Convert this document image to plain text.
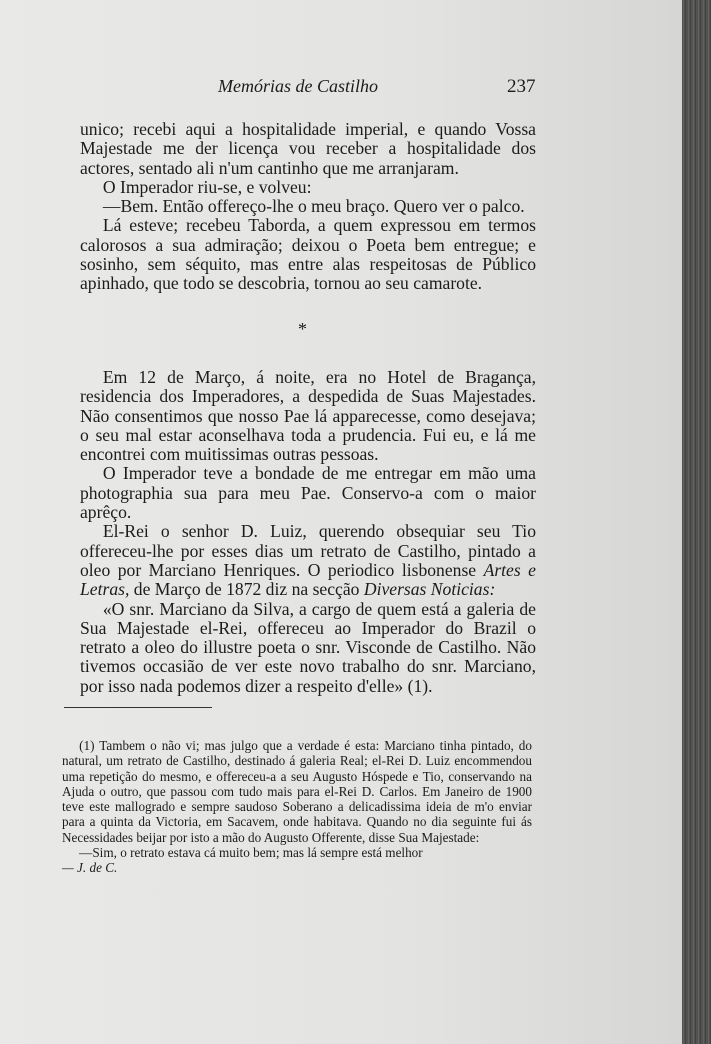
Memórias de Castilho	237

unico; recebi aqui a hospitalidade imperial, e quando Vossa Majestade me der licença vou receber a hospitalidade dos actores, sentado ali n'um cantinho que me arranjaram.

O Imperador riu-se, e volveu:

—Bem. Então offereço-lhe o meu braço. Quero ver o palco.

Lá esteve; recebeu Taborda, a quem expressou em termos calorosos a sua admiração; deixou o Poeta bem entregue; e sosinho, sem séquito, mas entre alas respeitosas de Público apinhado, que todo se descobria, tornou ao seu camarote.

*

Em 12 de Março, á noite, era no Hotel de Bragança, residencia dos Imperadores, a despedida de Suas Majestades. Não consentimos que nosso Pae lá apparecesse, como desejava; o seu mal estar aconselhava toda a prudencia. Fui eu, e lá me encontrei com muitissimas outras pessoas.

O Imperador teve a bondade de me entregar em mão uma photographia sua para meu Pae. Conservo-a com o maior aprêço.

El-Rei o senhor D. Luiz, querendo obsequiar seu Tio offereceu-lhe por esses dias um retrato de Castilho, pintado a oleo por Marciano Henriques. O periodico lisbonense Artes e Letras, de Março de 1872 diz na secção Diversas Noticias:

«O snr. Marciano da Silva, a cargo de quem está a galeria de Sua Majestade el-Rei, offereceu ao Imperador do Brazil o retrato a oleo do illustre poeta o snr. Visconde de Castilho. Não tivemos occasião de ver este novo trabalho do snr. Marciano, por isso nada podemos dizer a respeito d'elle» (1).

(1) Tambem o não vi; mas julgo que a verdade é esta: Marciano tinha pintado, do natural, um retrato de Castilho, destinado á galeria Real; el-Rei D. Luiz encommendou uma repetição do mesmo, e offereceu-a a seu Augusto Hóspede e Tio, conservando na Ajuda o outro, que passou com tudo mais para el-Rei D. Carlos. Em Janeiro de 1900 teve este mallogrado e sempre saudoso Soberano a delicadissima ideia de m'o enviar para a quinta da Victoria, em Sacavem, onde habitava. Quando no dia seguinte fui ás Necessidades beijar por isto a mão do Augusto Offerente, disse Sua Majestade:

—Sim, o retrato estava cá muito bem; mas lá sempre está melhor

— J. de C.
